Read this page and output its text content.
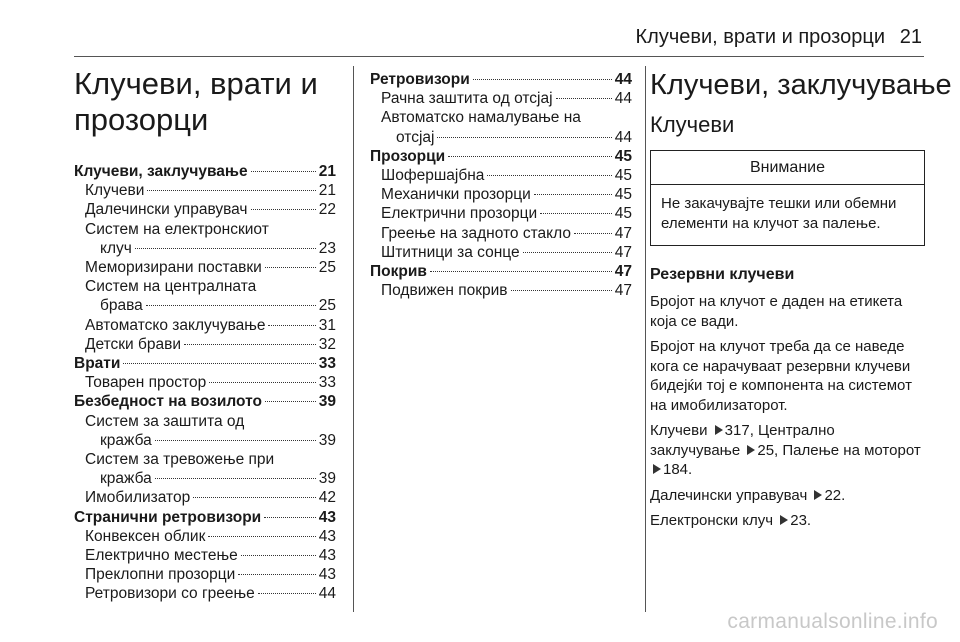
Клучеви, врати и прозорци 21
Клучеви, врати и
прозорци
Клучеви, заклучување	21
Клучеви	21
Далечински управувач	22
Систем на електронскиот
клуч	23
Меморизирани поставки	25
Систем на централната
брава	25
Автоматско заклучување	31
Детски брави	32
Врати	33
Товарен простор	33
Безбедност на возилото	39
Систем за заштита од
кражба	39
Систем за тревожење при
кражба	39
Имобилизатор	42
Странични ретровизори	43
Конвексен облик	43
Електрично местење	43
Преклопни прозорци	43
Ретровизори со греење	44
Ретровизори	44
Рачна заштита од отсјај	44
Автоматско намалување на
отсјај	44
Прозорци	45
Шофершајбна	45
Механички прозорци	45
Електрични прозорци	45
Греење на задното стакло	47
Штитници за сонце	47
Покрив	47
Подвижен покрив	47
Клучеви, заклучување
Клучеви
Внимание
Не закачувајте тешки или обемни елементи на клучот за палење.
Резервни клучеви

Бројот на клучот е даден на етикета која се вади.

Бројот на клучот треба да се наведе кога се нарачуваат резервни клучеви бидејќи тој е компонента на системот на имобилизаторот.

Клучеви 317, Централно заклучување 25, Палење на моторот 184.

Далечински управувач 22.

Електронски клуч 23.

carmanualsonline.info
